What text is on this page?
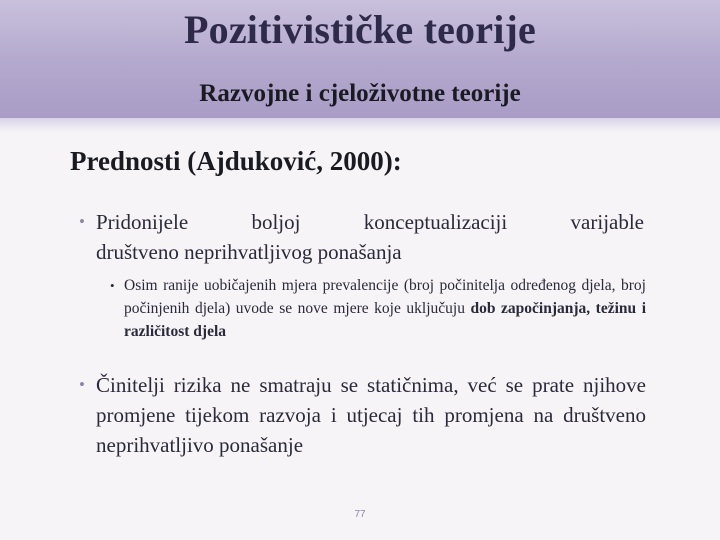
Pozitivističke teorije
Razvojne i cjeloživotne teorije
Prednosti (Ajduković, 2000):
• Pridonijele boljoj konceptualizaciji varijable
društveno neprihvatljivog ponašanja
• Osim ranije uobičajenih mjera prevalencije (broj počinitelja određenog djela, broj počinjenih djela) uvode se nove mjere koje uključuju dob započinjanja, težinu i različitost djela
• Činitelji rizika ne smatraju se statičnima, već se prate njihove promjene tijekom razvoja i utjecaj tih promjena na društveno neprihvatljivo ponašanje
77
